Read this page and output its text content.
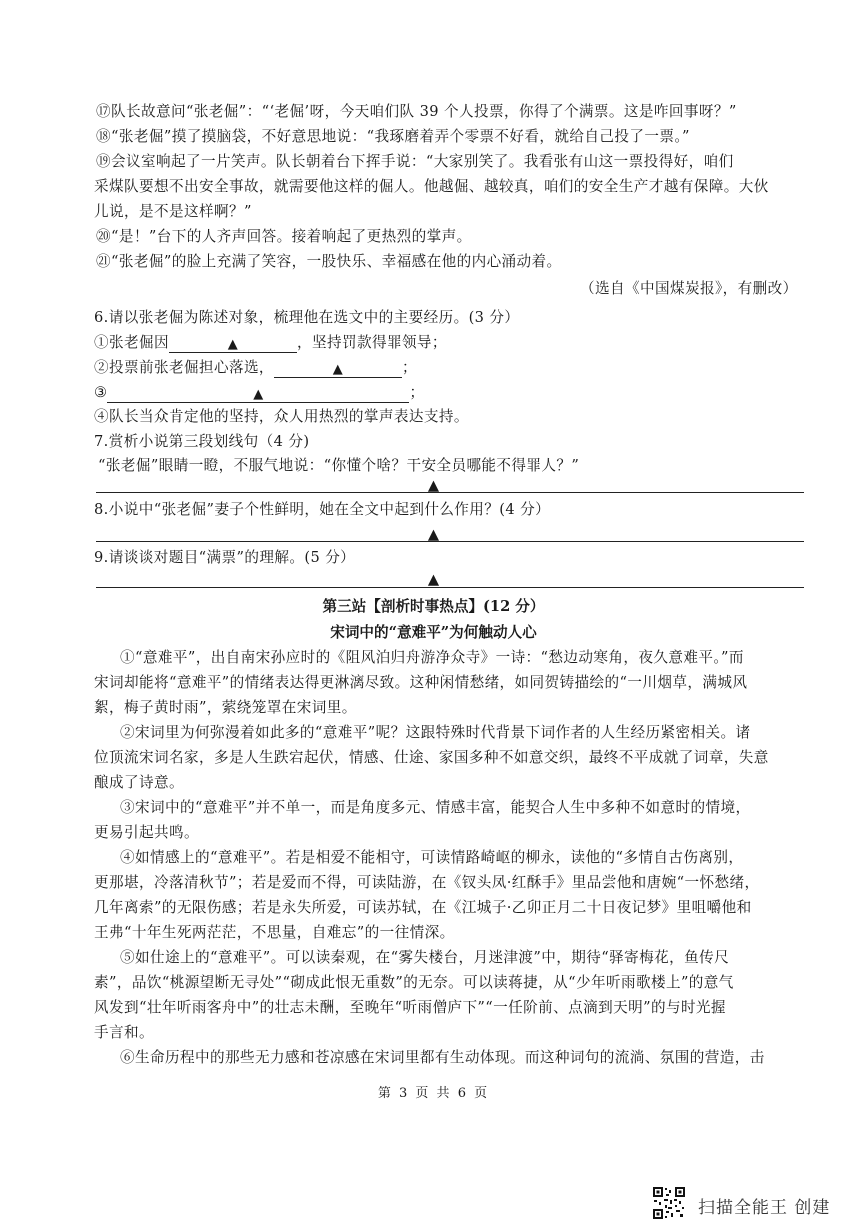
⑰队长故意问“张老倔”：“‘老倔’呀，今天咱们队 39 个人投票，你得了个满票。这是咋回事呀？”
⑱“张老倔”摸了摸脑袋，不好意思地说：“我琢磨着弄个零票不好看，就给自己投了一票。”
⑲会议室响起了一片笑声。队长朝着台下挥手说：“大家别笑了。我看张有山这一票投得好，咱们
采煤队要想不出安全事故，就需要他这样的倔人。他越倔、越较真，咱们的安全生产才越有保障。大伙
儿说，是不是这样啊？”
⑳“是！”台下的人齐声回答。接着响起了更热烈的掌声。
㉑“张老倔”的脸上充满了笑容，一股快乐、幸福感在他的内心涌动着。
（选自《中国煤炭报》，有删改）
6.请以张老倔为陈述对象，梳理他在选文中的主要经历。(3 分）
①张老倔因	▲	，坚持罚款得罪领导；
②投票前张老倔担心落选，	▲	；
③	▲	；
④队长当众肯定他的坚持，众人用热烈的掌声表达支持。
7.赏析小说第三段划线句（4 分)
“张老倔”眼睛一瞪，不服气地说：“你懂个啥？干安全员哪能不得罪人？”
▲
8.小说中“张老倔”妻子个性鲜明，她在全文中起到什么作用？(4 分）
▲
9.请谈谈对题目“满票”的理解。(5 分）
▲
第三站【剖析时事热点】(12 分）
宋词中的“意难平”为何触动人心
①“意难平”，出自南宋孙应时的《阻风泊归舟游净众寺》一诗：“愁边动寒角，夜久意难平。”而
宋词却能将“意难平”的情绪表达得更淋漓尽致。这种闲情愁绪，如同贺铸描绘的“一川烟草，满城风
絮，梅子黄时雨”，萦绕笼罩在宋词里。
②宋词里为何弥漫着如此多的“意难平”呢？这跟特殊时代背景下词作者的人生经历紧密相关。诸
位顶流宋词名家，多是人生跌宕起伏，情感、仕途、家国多种不如意交织，最终不平成就了词章，失意
酿成了诗意。
③宋词中的“意难平”并不单一，而是角度多元、情感丰富，能契合人生中多种不如意时的情境，
更易引起共鸣。
④如情感上的“意难平”。若是相爱不能相守，可读情路崎岖的柳永，读他的“多情自古伤离别，
更那堪，冷落清秋节”；若是爱而不得，可读陆游，在《钗头凤·红酥手》里品尝他和唐婉“一怀愁绪，
几年离索”的无限伤感；若是永失所爱，可读苏轼，在《江城子·乙卯正月二十日夜记梦》里咀嚼他和
王弗“十年生死两茫茫，不思量，自难忘”的一往情深。
⑤如仕途上的“意难平”。可以读秦观，在“雾失楼台，月迷津渡”中，期待“驿寄梅花，鱼传尺
素”，品饮“桃源望断无寻处”“砌成此恨无重数”的无奈。可以读蒋捷，从“少年听雨歌楼上”的意气
风发到“壮年听雨客舟中”的壮志未酬，至晚年“听雨僧庐下”“一任阶前、点滴到天明”的与时光握
手言和。
⑥生命历程中的那些无力感和苍凉感在宋词里都有生动体现。而这种词句的流淌、氛围的营造，击
第 3 页 共 6 页
扫描全能王 创建
